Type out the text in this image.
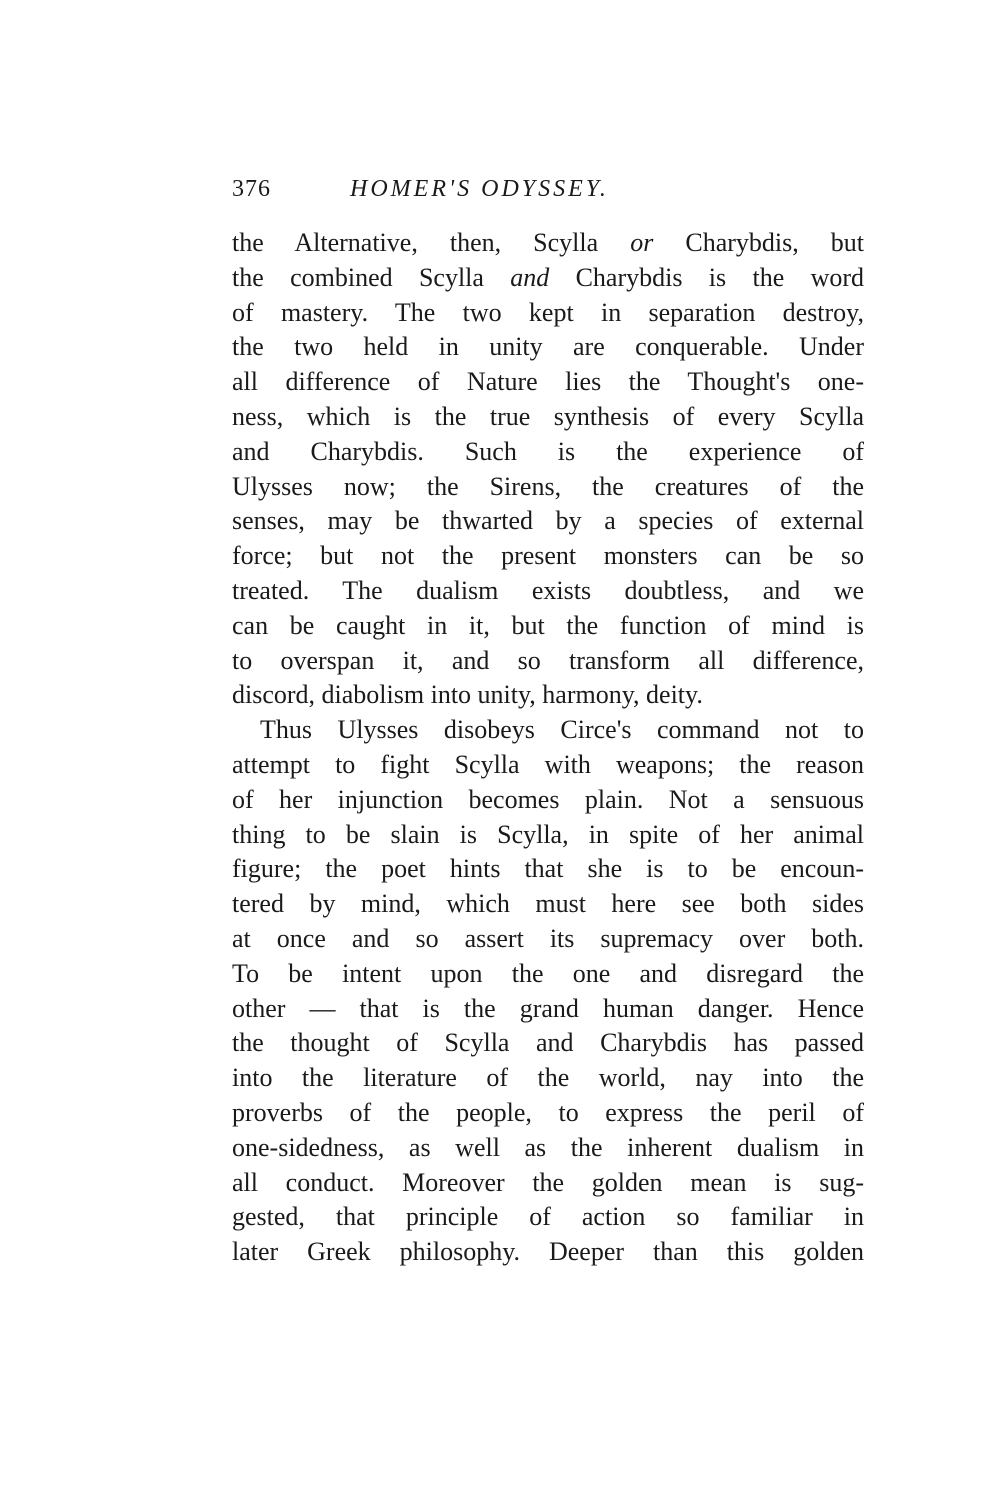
376	HOMER'S ODYSSEY.
the Alternative, then, Scylla or Charybdis, but
the combined Scylla and Charybdis is the word
of mastery. The two kept in separation destroy,
the two held in unity are conquerable. Under
all difference of Nature lies the Thought's one-
ness, which is the true synthesis of every Scylla
and Charybdis. Such is the experience of
Ulysses now; the Sirens, the creatures of the
senses, may be thwarted by a species of external
force; but not the present monsters can be so
treated. The dualism exists doubtless, and we
can be caught in it, but the function of mind is
to overspan it, and so transform all difference,
discord, diabolism into unity, harmony, deity.
Thus Ulysses disobeys Circe's command not to
attempt to fight Scylla with weapons; the reason
of her injunction becomes plain. Not a sensuous
thing to be slain is Scylla, in spite of her animal
figure; the poet hints that she is to be encoun-
tered by mind, which must here see both sides
at once and so assert its supremacy over both.
To be intent upon the one and disregard the
other — that is the grand human danger. Hence
the thought of Scylla and Charybdis has passed
into the literature of the world, nay into the
proverbs of the people, to express the peril of
one-sidedness, as well as the inherent dualism in
all conduct. Moreover the golden mean is sug-
gested, that principle of action so familiar in
later Greek philosophy. Deeper than this golden
